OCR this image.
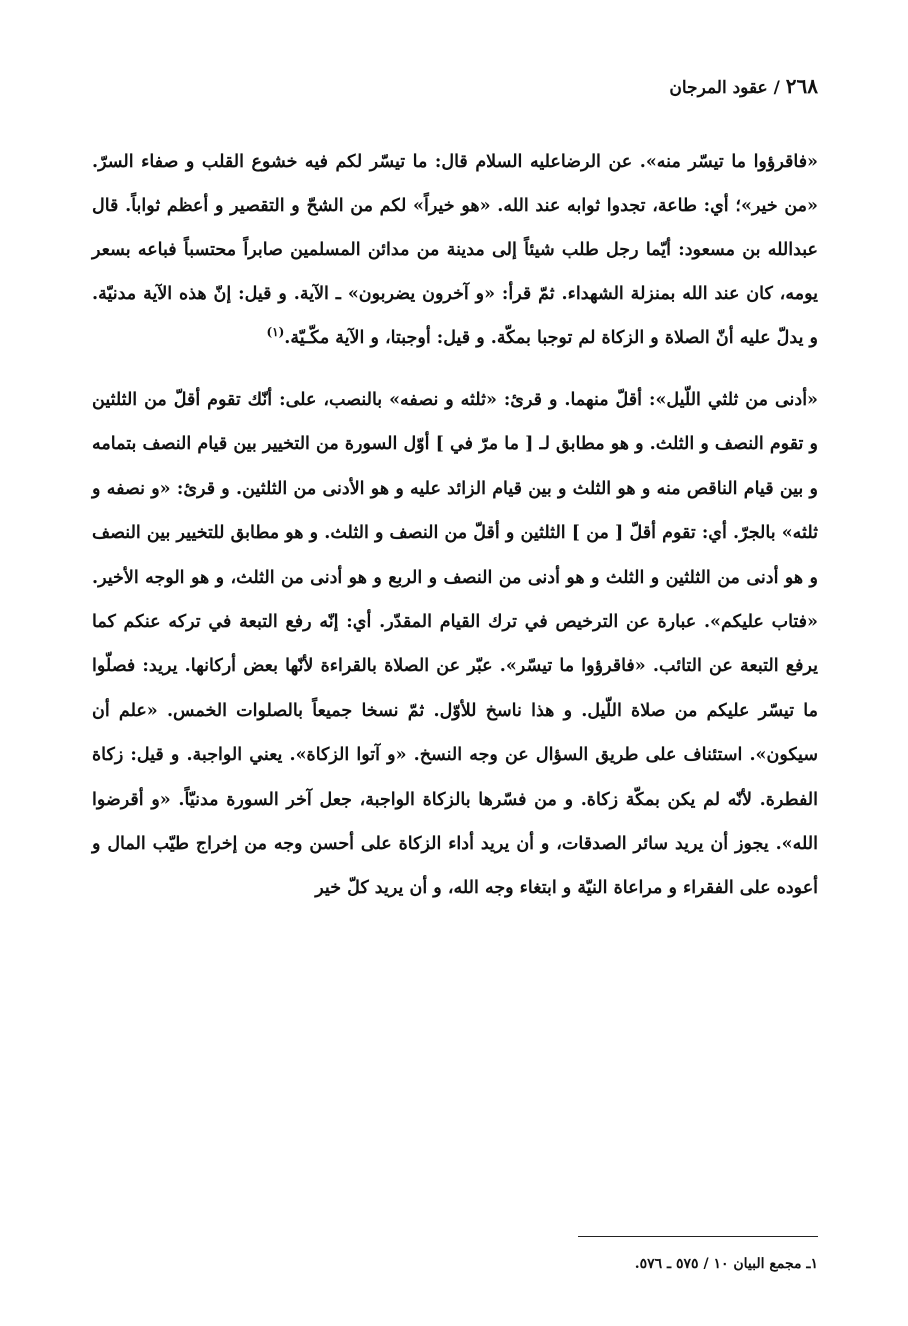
٢٦٨ / عقود المرجان

«فاقرؤوا ما تيسّر منه». عن الرضاعليه السلام قال: ما تيسّر لكم فيه خشوع القلب و صفاء السرّ. «من خير»؛ أي: طاعة، تجدوا ثوابه عند الله. «هو خيراً» لكم من الشحّ و التقصير و أعظم ثواباً. قال عبدالله بن مسعود: أيّما رجل طلب شيئاً إلى مدينة من مدائن المسلمين صابراً محتسباً فباعه بسعر يومه، كان عند الله بمنزلة الشهداء. ثمّ قرأ: «و آخرون يضربون» ـ الآية. و قيل: إنّ هذه الآية مدنيّة. و يدلّ عليه أنّ الصلاة و الزكاة لم توجبا بمكّة. و قيل: أوجبتا، و الآية مكّـيّة.$^{(١)}$

«أدنى من ثلثي اللّيل»: أقلّ منهما. و قرئ: «ثلثه و نصفه» بالنصب، على: أنّك تقوم أقلّ من الثلثين و تقوم النصف و الثلث. و هو مطابق لـ [ ما مرّ في ] أوّل السورة من التخيير بين قيام النصف بتمامه و بين قيام الناقص منه و هو الثلث و بين قيام الزائد عليه و هو الأدنى من الثلثين. و قرئ: «و نصفه و ثلثه» بالجرّ. أي: تقوم أقلّ [ من ] الثلثين و أقلّ من النصف و الثلث. و هو مطابق للتخيير بين النصف و هو أدنى من الثلثين و الثلث و هو أدنى من النصف و الربع و هو أدنى من الثلث، و هو الوجه الأخير. «فتاب عليكم». عبارة عن الترخيص في ترك القيام المقدّر. أي: إنّه رفع التبعة في تركه عنكم كما يرفع التبعة عن التائب. «فاقرؤوا ما تيسّر». عبّر عن الصلاة بالقراءة لأنّها بعض أركانها. يريد: فصلّوا ما تيسّر عليكم من صلاة اللّيل. و هذا ناسخ للأوّل. ثمّ نسخا جميعاً بالصلوات الخمس. «علم أن سيكون». استئناف على طريق السؤال عن وجه النسخ. «و آتوا الزكاة». يعني الواجبة. و قيل: زكاة الفطرة. لأنّه لم يكن بمكّة زكاة. و من فسّرها بالزكاة الواجبة، جعل آخر السورة مدنيّاً. «و أقرضوا الله». يجوز أن يريد سائر الصدقات، و أن يريد أداء الزكاة على أحسن وجه من إخراج طيّب المال و أعوده على الفقراء و مراعاة النيّة و ابتغاء وجه الله، و أن يريد كلّ خير

١ـ مجمع البيان ١٠ / ٥٧٥ ـ ٥٧٦.
